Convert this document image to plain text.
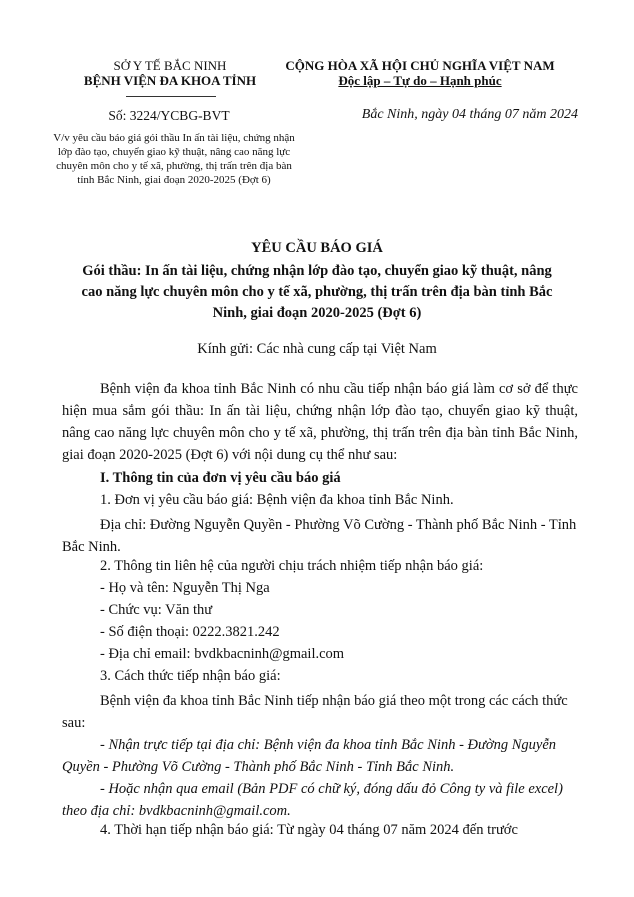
SỞ Y TẾ BẮC NINH
BỆNH VIỆN ĐA KHOA TỈNH
CỘNG HÒA XÃ HỘI CHỦ NGHĨA VIỆT NAM
Độc lập – Tự do – Hạnh phúc
Số: 3224/YCBG-BVT	Bắc Ninh, ngày 04 tháng 07 năm 2024
V/v yêu cầu báo giá gói thầu In ấn tài liệu, chứng nhận lớp đào tạo, chuyển giao kỹ thuật, nâng cao năng lực chuyên môn cho y tế xã, phường, thị trấn trên địa bàn tỉnh Bắc Ninh, giai đoạn 2020-2025 (Đợt 6)
YÊU CẦU BÁO GIÁ
Gói thầu: In ấn tài liệu, chứng nhận lớp đào tạo, chuyển giao kỹ thuật, nâng cao năng lực chuyên môn cho y tế xã, phường, thị trấn trên địa bàn tỉnh Bắc Ninh, giai đoạn 2020-2025 (Đợt 6)
Kính gửi: Các nhà cung cấp tại Việt Nam
Bệnh viện đa khoa tỉnh Bắc Ninh có nhu cầu tiếp nhận báo giá làm cơ sở để thực hiện mua sắm gói thầu: In ấn tài liệu, chứng nhận lớp đào tạo, chuyển giao kỹ thuật, nâng cao năng lực chuyên môn cho y tế xã, phường, thị trấn trên địa bàn tỉnh Bắc Ninh, giai đoạn 2020-2025 (Đợt 6) với nội dung cụ thể như sau:
I. Thông tin của đơn vị yêu cầu báo giá
1. Đơn vị yêu cầu báo giá: Bệnh viện đa khoa tỉnh Bắc Ninh.
Địa chỉ: Đường Nguyễn Quyền - Phường Võ Cường - Thành phố Bắc Ninh - Tỉnh Bắc Ninh.
2. Thông tin liên hệ của người chịu trách nhiệm tiếp nhận báo giá:
- Họ và tên: Nguyễn Thị Nga
- Chức vụ: Văn thư
- Số điện thoại: 0222.3821.242
- Địa chỉ email: bvdkbacninh@gmail.com
3. Cách thức tiếp nhận báo giá:
Bệnh viện đa khoa tỉnh Bắc Ninh tiếp nhận báo giá theo một trong các cách thức sau:
- Nhận trực tiếp tại địa chỉ: Bệnh viện đa khoa tỉnh Bắc Ninh - Đường Nguyễn Quyền - Phường Võ Cường - Thành phố Bắc Ninh - Tỉnh Bắc Ninh.
- Hoặc nhận qua email (Bản PDF có chữ ký, đóng dấu đỏ Công ty và file excel) theo địa chỉ: bvdkbacninh@gmail.com.
4. Thời hạn tiếp nhận báo giá: Từ ngày 04 tháng 07 năm 2024 đến trước
